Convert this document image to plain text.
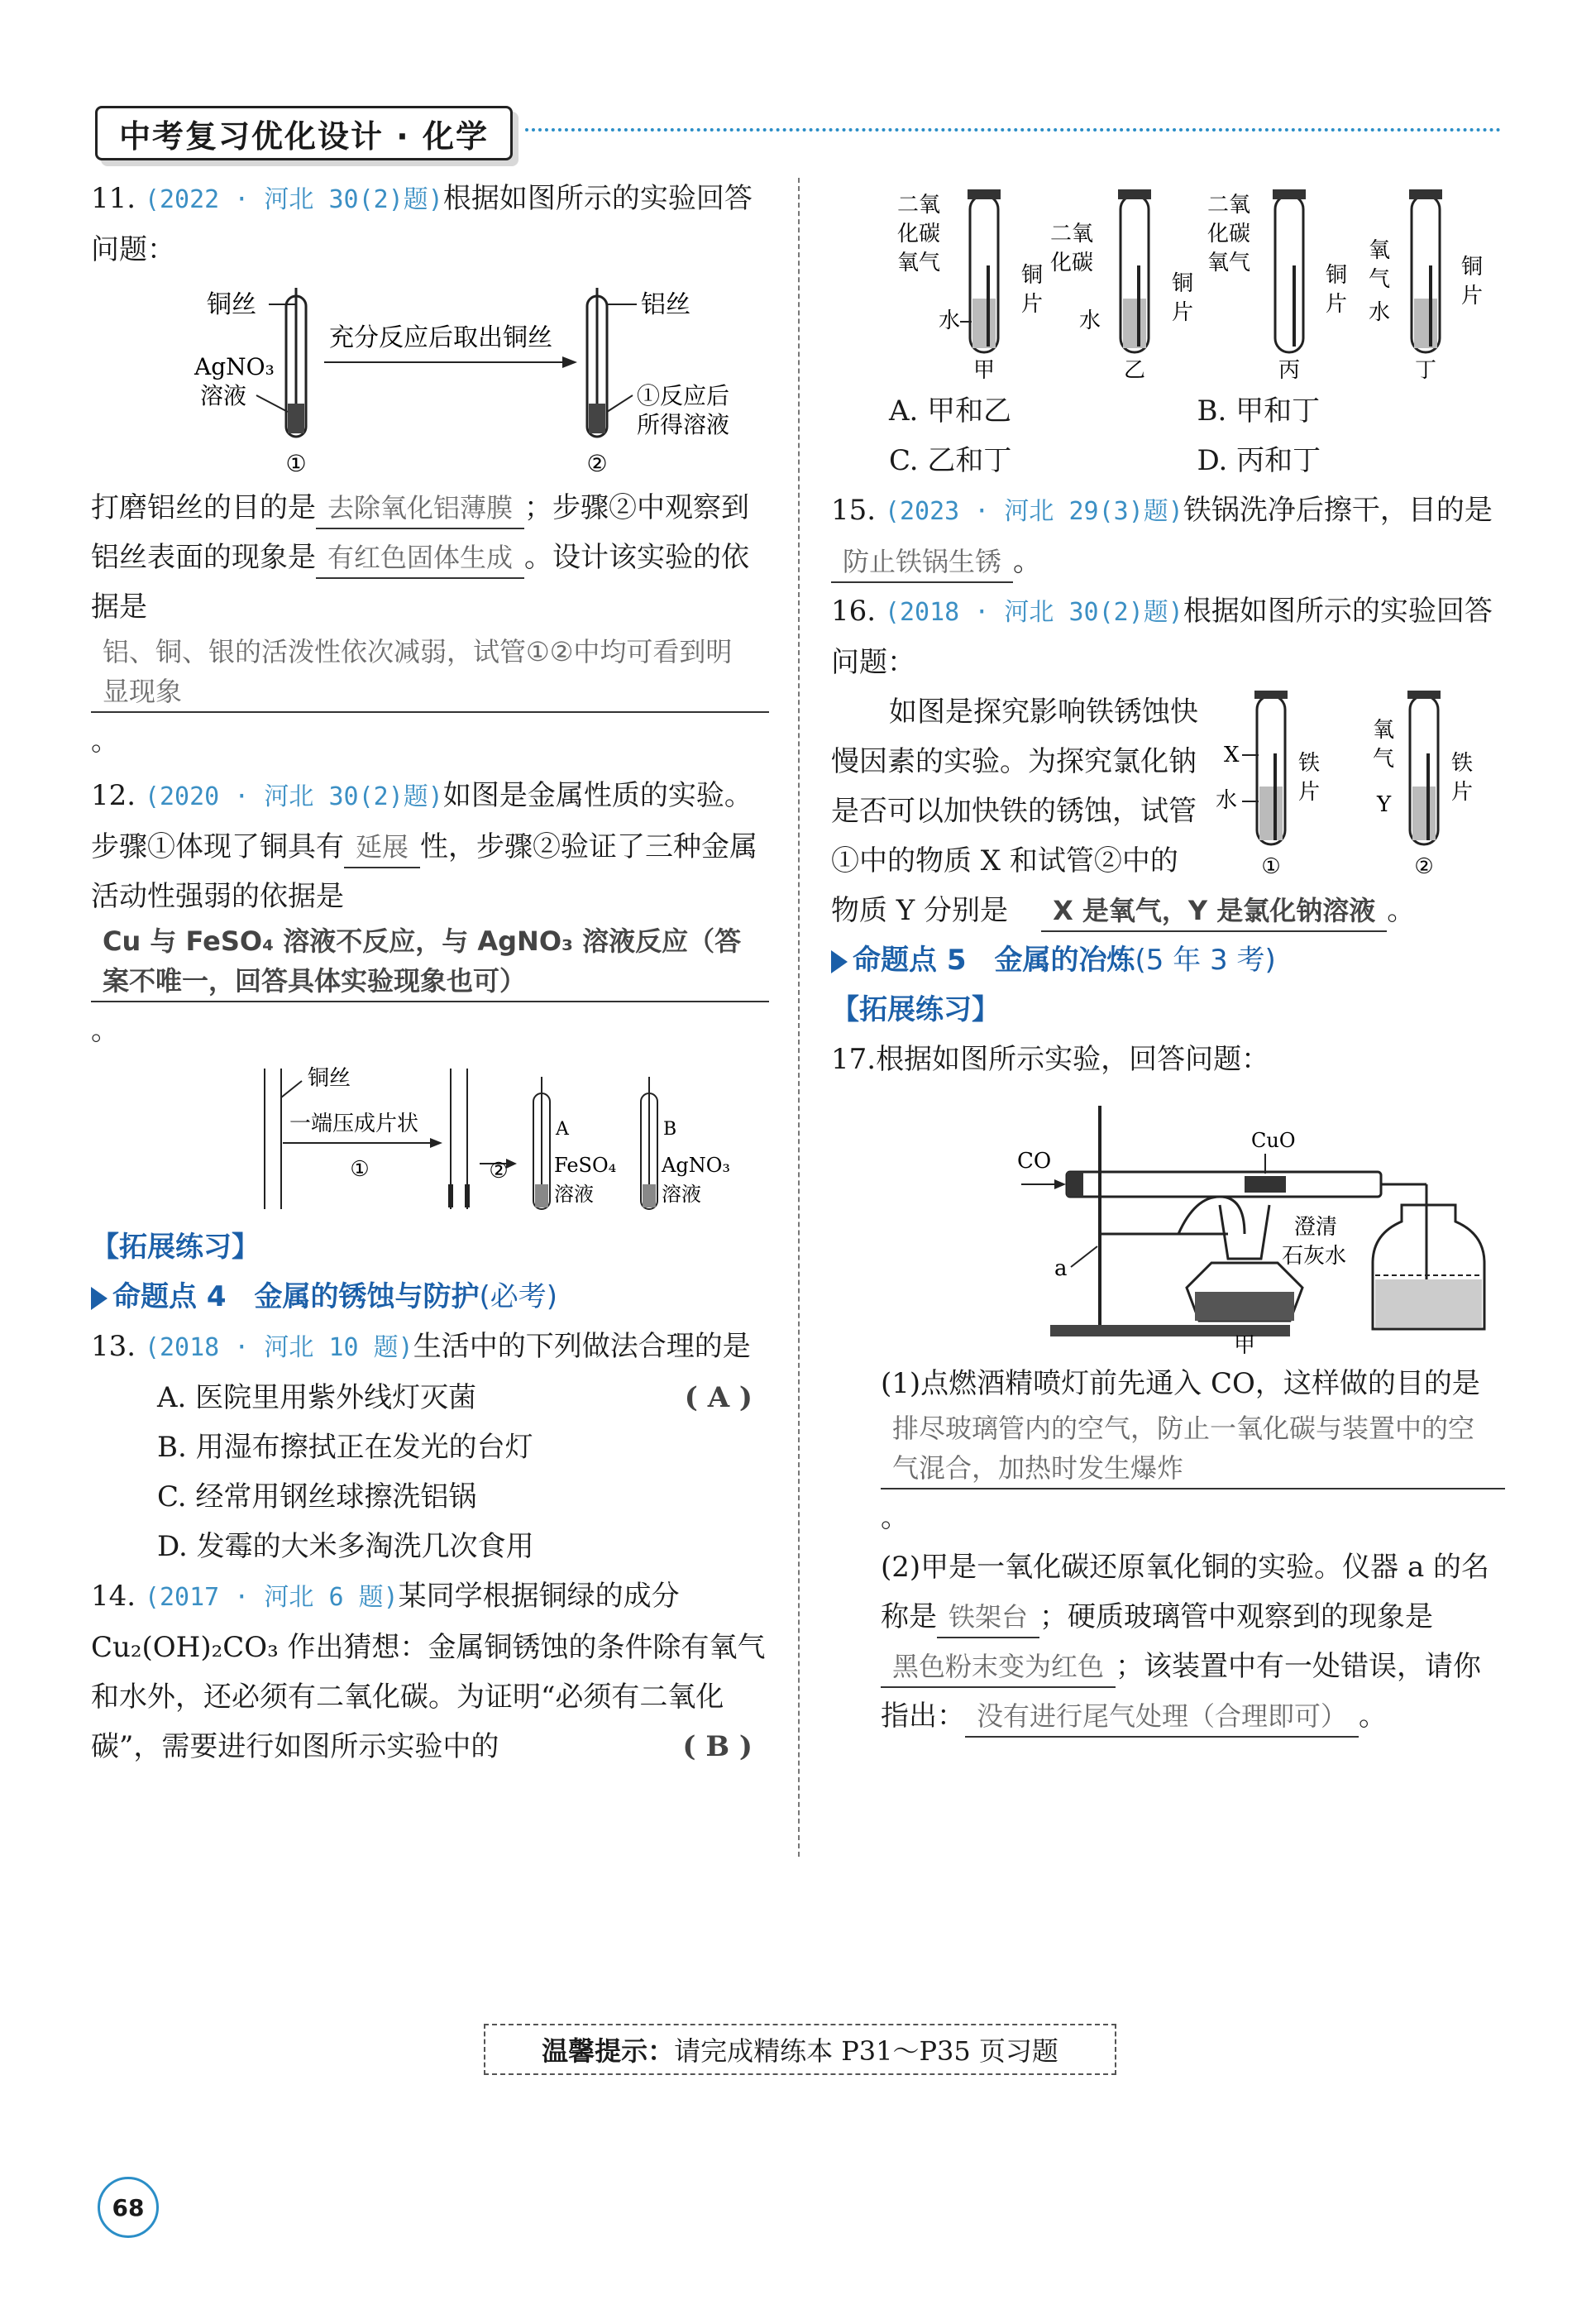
中考复习优化设计 · 化学
11. (2022 · 河北 30(2)题)根据如图所示的实验回答问题：
铜丝
AgNO₃
溶液
①
充分反应后取出铜丝
铝丝
①反应后
所得溶液
②
打磨铝丝的目的是 去除氧化铝薄膜 ；步骤②中观察到铝丝表面的现象是 有红色固体生成 。设计该实验的依据是铝、铜、银的活泼性依次减弱，试管①②中均可看到明显现象。
12. (2020 · 河北 30(2)题)如图是金属性质的实验。步骤①体现了铜具有 延展 性，步骤②验证了三种金属活动性强弱的依据是Cu 与 FeSO₄ 溶液不反应，与 AgNO₃ 溶液反应（答案不唯一，回答具体实验现象也可）。
铜丝
一端压成片状
①	②
A
FeSO₄
溶液
B
AgNO₃
溶液
【拓展练习】
命题点 4　 金属的锈蚀与防护(必考)
13. (2018 · 河北 10 题)生活中的下列做法合理的是
( A )
A. 医院里用紫外线灯灭菌
B. 用湿布擦拭正在发光的台灯
C. 经常用钢丝球擦洗铝锅
D. 发霉的大米多淘洗几次食用
14. (2017 · 河北 6 题)某同学根据铜绿的成分 Cu₂(OH)₂CO₃ 作出猜想：金属铜锈蚀的条件除有氧气和水外，还必须有二氧化碳。为证明“必须有二氧化碳”，需要进行如图所示实验中的	( B )
二氧
化碳
氧气
水
铜
片
甲
二氧
化碳
水
铜
片
乙
二氧
化碳
氧气	铜
片
丙
氧
气
水
铜
片
丁
A. 甲和乙	B. 甲和丁
C. 乙和丁	D. 丙和丁
15. (2023 · 河北 29(3)题)铁锅洗净后擦干，目的是防止铁锅生锈 。
16. (2018 · 河北 30(2)题)根据如图所示的实验回答问题：
X
水
铁
片
①
氧
气
Y
铁
片
②
如图是探究影响铁锈蚀快慢因素的实验。为探究氯化钠是否可以加快铁的锈蚀，试管①中的物质 X 和试管②中的物质 Y 分别是 X 是氧气，Y 是氯化钠溶液 。
命题点 5　 金属的冶炼(5 年 3 考)
【拓展练习】
17.根据如图所示实验，回答问题：
CO
CuO
a
澄清
石灰水
甲
(1)点燃酒精喷灯前先通入 CO，这样做的目的是排尽玻璃管内的空气，防止一氧化碳与装置中的空气混合，加热时发生爆炸。
(2)甲是一氧化碳还原氧化铜的实验。仪器 a 的名称是 铁架台 ；硬质玻璃管中观察到的现象是黑色粉末变为红色 ；该装置中有一处错误，请你指出： 没有进行尾气处理（合理即可） 。
温馨提示： 请完成精练本 P31～P35 页习题
68
